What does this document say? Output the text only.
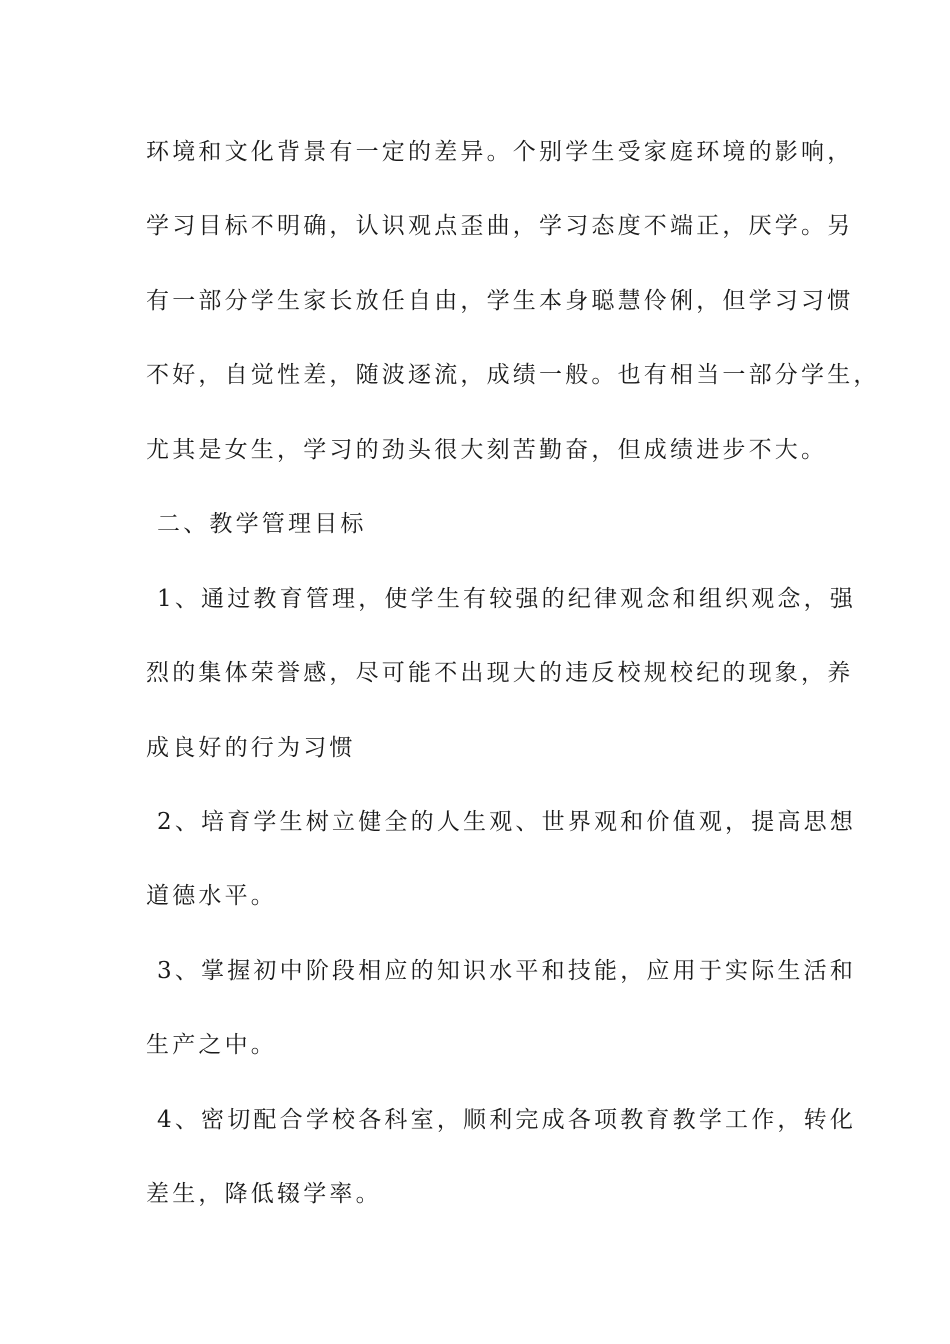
环境和文化背景有一定的差异。个别学生受家庭环境的影响，
学习目标不明确，认识观点歪曲，学习态度不端正，厌学。另
有一部分学生家长放任自由，学生本身聪慧伶俐，但学习习惯
不好，自觉性差，随波逐流，成绩一般。也有相当一部分学生，
尤其是女生，学习的劲头很大刻苦勤奋，但成绩进步不大。
二、教学管理目标
1、通过教育管理，使学生有较强的纪律观念和组织观念，强
烈的集体荣誉感，尽可能不出现大的违反校规校纪的现象，养
成良好的行为习惯
2、培育学生树立健全的人生观、世界观和价值观，提高思想
道德水平。
3、掌握初中阶段相应的知识水平和技能，应用于实际生活和
生产之中。
4、密切配合学校各科室，顺利完成各项教育教学工作，转化
差生，降低辍学率。
